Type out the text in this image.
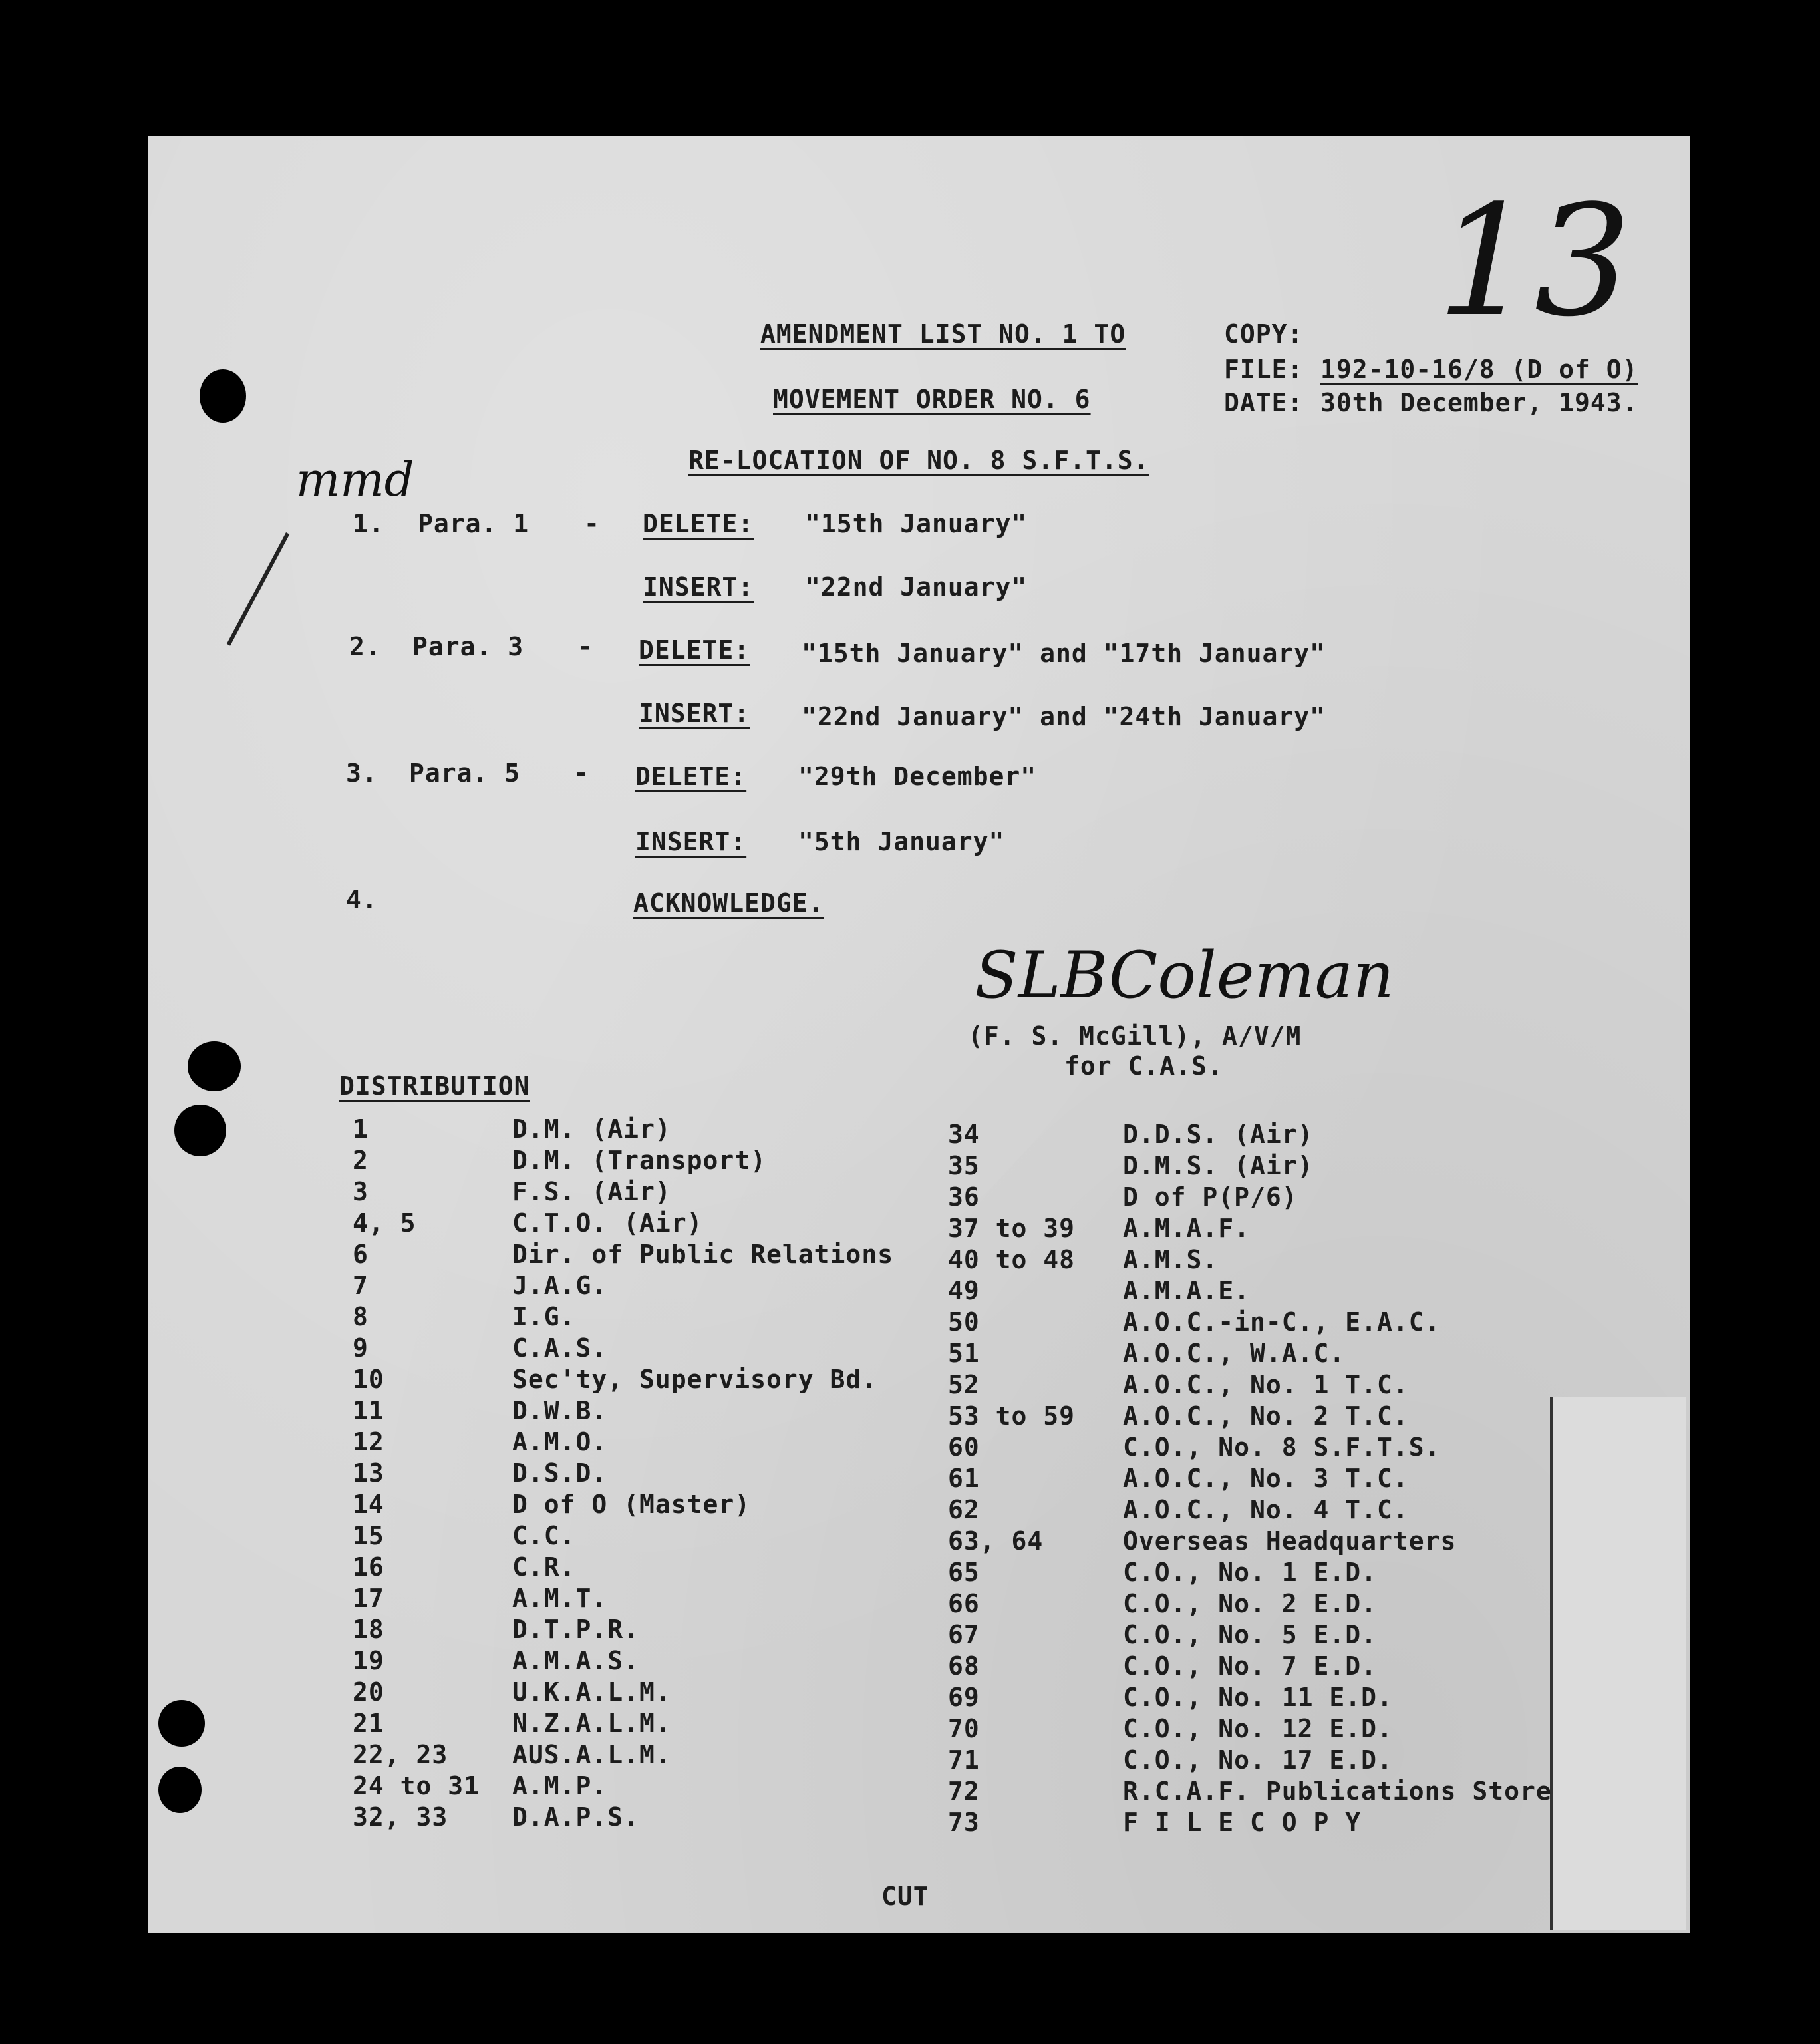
13
AMENDMENT LIST NO. 1 TO
MOVEMENT ORDER NO. 6
RE-LOCATION OF NO. 8 S.F.T.S.
COPY:
FILE: 192-10-16/8 (D of O)
DATE: 30th December, 1943.
mmd
1. Para. 1 - DELETE: "15th January"
INSERT: "22nd January"
2. Para. 3 - DELETE: "15th January" and "17th January"
INSERT: "22nd January" and "24th January"
3. Para. 5 - DELETE: "29th December"
INSERT: "5th January"
4.	ACKNOWLEDGE.
SLBColeman
(F. S. McGill), A/V/M
for C.A.S.
DISTRIBUTION
1	D.M. (Air)
2	D.M. (Transport)
3	F.S. (Air)
4, 5	C.T.O. (Air)
6	Dir. of Public Relations
7	J.A.G.
8	I.G.
9	C.A.S.
10	Sec'ty, Supervisory Bd.
11	D.W.B.
12	A.M.O.
13	D.S.D.
14	D of O (Master)
15	C.C.
16	C.R.
17	A.M.T.
18	D.T.P.R.
19	A.M.A.S.
20	U.K.A.L.M.
21	N.Z.A.L.M.
22, 23	AUS.A.L.M.
24 to 31 A.M.P.
32, 33	D.A.P.S.
34	D.D.S. (Air)
35	D.M.S. (Air)
36	D of P(P/6)
37 to 39 A.M.A.F.
40 to 48 A.M.S.
49	A.M.A.E.
50	A.O.C.-in-C., E.A.C.
51	A.O.C., W.A.C.
52	A.O.C., No. 1 T.C.
53 to 59 A.O.C., No. 2 T.C.
60	C.O., No. 8 S.F.T.S.
61	A.O.C., No. 3 T.C.
62	A.O.C., No. 4 T.C.
63, 64	Overseas Headquarters
65	C.O., No. 1 E.D.
66	C.O., No. 2 E.D.
67	C.O., No. 5 E.D.
68	C.O., No. 7 E.D.
69	C.O., No. 11 E.D.
70	C.O., No. 12 E.D.
71	C.O., No. 17 E.D.
72	R.C.A.F. Publications Store
73	F I L E C O P Y
CUT
